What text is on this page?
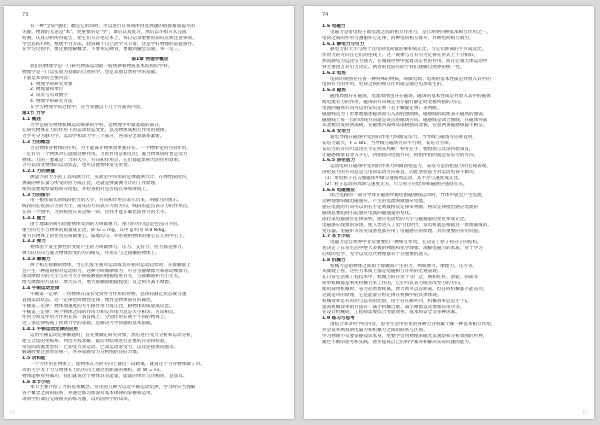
73
有一种"全局"强化：翻完它的同时，可以进行在每项所得选择题的链接素质提升的
关键。物理的无论是"本"，更重要的是"学"，课后认真复习，然后以小组方式完成
检测，认真分析所得报告，把它们写在笔记本上，每日记录重要的知识点和注意事项。
学会总结归纳、整理学习方法，找到属于自己的学习节奏，这是学好物理的前提条件。
在学习过程中，要注重理解概念，不要死记硬背，要做到融会贯通、举一反三。
第1章 物理学概论
我们的物理学是一门研究物质运动最一般规律和物质基本结构的学科。
物理学是一门以实验为基础的自然科学，也是其他自然科学的基础。
下面是本章的主要内容：
1. 物理学的研究对象
2. 物理量和单位
3. 误差与有效数字
4. 物理学的研究方法
在学习物理学的过程中，应当掌握以下几个方面的内容。
第1节 力学
1.1 概述
力学是研究物体机械运动规律的学科，是物理学中最基础的部分。
它研究物体在力的作用下的运动状态变化，以及物体间相互作用的规律。
力学可分为静力学、运动学和动力学三个部分，各部分之间联系紧密。
1.2 力的概念
力是物体对物体的作用，力不能离开物体而单独存在。一个物体受到力的作用，
一定有另一个物体对它施加这种作用。力的作用是相互的，施力物体同时也是受力
物体。力的三要素是：力的大小、方向和作用点，它们都能影响力的作用效果。
力可以改变物体的运动状态，也可以使物体发生形变。
1.2.1 力的测量
测量力的大小的工具叫测力计，实验室中常用的是弹簧测力计。在弹性限度内，
弹簧的伸长量与所受的拉力成正比，这就是弹簧测力计的工作原理。
使用前要观察量程和分度值，并检查指针是否指在零刻度线上。
1.3 力的图示
用一根带箭头的线段把力的大小、方向和作用点表示出来，叫做力的图示。
线段的长短表示力的大小，箭头的方向表示力的方向，线段的起点表示力的作用点。
在同一个图中，力的标度应该是统一的，这样才能正确比较各力的大小。
1.3.1 重力
由于地球的吸引而使物体受到的力叫做重力。重力的方向总是竖直向下的。
重力的大小与物体的质量成正比，即 G = mg，其中 g 约为 9.8 N/kg。
重力在物体上的作用点叫做重心，质地均匀、外形规则物体的重心在几何中心上。
1.3.2 弹力
物体由于发生弹性形变而产生的力叫做弹力。压力、支持力、拉力都是弹力。
弹力的方向与施力物体形变的方向相反，作用在与之接触的物体上。
1.3.3 摩擦力
两个相互接触的物体，当它们发生相对运动或具有相对运动趋势时，在接触面上
会产生一种阻碍相对运动的力，这种力叫做摩擦力，可分为静摩擦力和滑动摩擦力。
滑动摩擦力的大小与压力大小和接触面的粗糙程度有关，与接触面积大小无关。
增大摩擦的方法有：增大压力、增大接触面粗糙程度；反之则可减小摩擦。
1.4 牛顿运动定律
牛顿第一定律：一切物体在没有受到外力作用的时候，总保持静止状态或匀速
直线运动状态。这一定律也叫惯性定律，惯性是物体固有的属性。
牛顿第二定律：物体加速度的大小跟作用力成正比，跟物体的质量成反比。
牛顿第三定律：两个物体之间的作用力和反作用力总是大小相等、方向相反。
作用力和反作用力作用在同一条直线上，分别作用在两个不同的物体上。
这三条定律构成了经典力学的基础，是解决力学问题的基本依据。
1.4.1 牛顿运动定律的应用
运用牛顿运动定律解题时，首先要确定研究对象，然后进行受力分析和运动分析，
建立合适的坐标系，列出方程求解，最后对结果进行必要的讨论和检验。
常见的问题类型有：已知受力求运动，已知运动求受力，以及连接体问题等。
解题时要注意单位统一，并养成画受力分析图的良好习惯。
1.5 功和能
一个力作用在物体上，使物体在力的方向上通过一段距离，就说这个力对物体做了功。
功的大小等于力与物体在力的方向上通过的距离的乘积，即 W = Fs。
物体能够对外做功，我们就说这个物体具有能量，能量的单位与功相同，是焦耳。
1.6 本节小结
本节主要介绍了力的基本概念、常见的几种力以及牛顿运动定律，学习时应当理解
各个概念之间的联系，并通过练习加深对基本规律的掌握和运用。
请同学们课后完成相关的练习题，以巩固所学的知识。
◁
74
1.6 电磁力
电磁力是带电粒子或电流之间的相互作用力，是自然界四种基本相互作用之一。
电荷之间的作用力遵循库仑定律，同种电荷相互排斥，异种电荷相互吸引。
1.6.1 静电力与引力
静电力的大小与两个点电荷电荷量的乘积成正比，与它们距离的平方成反比，
作用力的方向在它们的连线上。这一规律与万有引力定律在形式上十分相似。
然而静电力远比引力强大，在微观世界中起着决定性的作用，而在宏观天体运动中
则主要由万有引力决定。两者的比较有助于我们理解自然界的统一性。
1.6.2 电场
电荷的周围存在着一种特殊的物质，叫做电场。电场的基本性质是对放入其中的
电荷有力的作用，电荷之间的相互作用就是通过电场发生的。
1.6.3 磁场
磁体周围存在磁场，电流周围也存在磁场。磁场的基本性质是对放入其中的磁体
或电流有力的作用。磁场的方向规定为小磁针静止时北极所指的方向。
电流的磁场方向可以用安培定则（右手螺旋定则）来判断。
磁感线是为了形象地描述磁场而引入的假想曲线，磁感线的疏密表示磁场的强弱，
磁感线上每一点的切线方向就是该点的磁场方向。磁感线是闭合曲线，在磁体外部
从北极出发回到南极，在磁体内部则从南极指向北极，任意两条磁感线都不相交。
1.6.4 安培力
通电导线在磁场中受到的作用力叫做安培力。当导线与磁场方向垂直时，
安培力最大，F = BIL；当导线与磁场方向平行时，安培力为零。
安培力的方向可以用左手定则来判断：伸开左手，使拇指与其余四指垂直，
让磁感线垂直穿入手心，四指指向电流方向，拇指所指的就是安培力的方向。
1.6.5 洛伦兹力
运动电荷在磁场中受到的作用力叫做洛伦兹力，安培力是洛伦兹力的宏观表现。
洛伦兹力的方向总是与电荷运动方向垂直，因此洛伦兹力对运动电荷不做功。
（1）带电粒子在匀强磁场中做匀速圆周运动，其半径与速度成正比。
（2）粒子运动的周期与速度无关，只与粒子的比荷和磁感应强度有关。
1.6.6 电磁感应
闭合电路的一部分导体在磁场中做切割磁感线运动时，导体中就会产生电流，
这种现象叫做电磁感应，产生的电流叫做感应电流。
感应电流的方向可以用右手定则或楞次定律来判断，楞次定律指出感应电流的
磁场总要阻碍引起感应电流的磁通量的变化。
法拉第电磁感应定律表明，感应电动势的大小与磁通量的变化率成正比。
电磁感应现象的发现，使人类进入了电气化时代，发电机就是根据这一原理制成的。
变压器、电磁炉等常见设备也都应用了电磁感应的原理，具有重要的实用价值。
1.7 本节小结
电磁力是自然界中非常重要的一种相互作用，它决定了原子和分子的结构，
也决定了日常生活中绝大多数的物理和化学现象。理解电磁力的本质，对于学习
后续的电学、光学以及近代物理都有十分重要的意义。
1.8 机械力
机械力是指物体之间由于接触而产生的力，例如弹力、摩擦力、压力等。
从微观上看，这些力本质上都是电磁相互作用的宏观表现。
在日常生活和工程技术中，机械力的应用十分广泛，例如杠杆、滑轮、斜面等
简单机械都是利用机械力来工作的，它们可以省力或者改变力的方向。
使用简单机械时，省力必然费距离，费力则可以省距离，但任何机械都不能省功。
这就是功的原理，它是能量守恒定律在机械中的具体体现。
机械效率是有用功与总功的比值，由于存在额外功，机械效率总是小于1。
提高机械效率的方法有：减小机械自重、减小摩擦以及增加有用功等。
在设计机械时，工程师需要综合考虑效率、成本和安全等多种因素。
1.9 练习与思考
请结合本章所学的内容，思考生活中常见的各种力分别属于哪一种基本相互作用，
并尝试举例说明电磁力和机械力之间的联系与区别。
学习物理不仅要掌握知识本身，更要学会用物理的眼光去观察和分析周围的世界，
通过不断的思考和实践，逐步提高自己的科学素养和解决实际问题的能力。
▷
